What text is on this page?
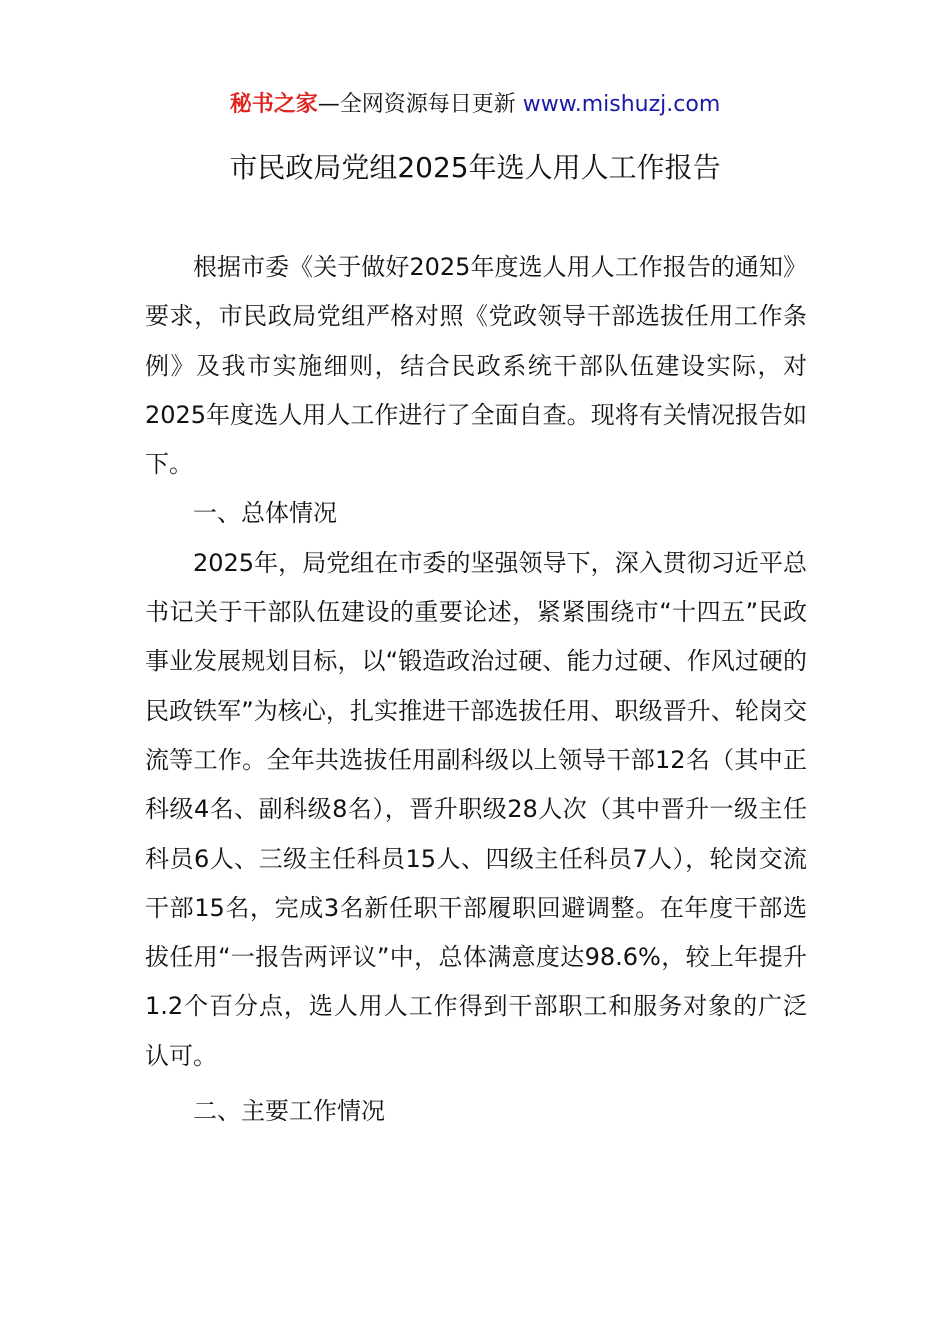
秘书之家—全网资源每日更新 www.mishuzj.com
市民政局党组2025年选人用人工作报告

根据市委《关于做好2025年度选人用人工作报告的通知》要求，市民政局党组严格对照《党政领导干部选拔任用工作条例》及我市实施细则，结合民政系统干部队伍建设实际，对2025年度选人用人工作进行了全面自查。现将有关情况报告如下。

一、总体情况

2025年，局党组在市委的坚强领导下，深入贯彻习近平总书记关于干部队伍建设的重要论述，紧紧围绕市“十四五”民政事业发展规划目标，以“锻造政治过硬、能力过硬、作风过硬的民政铁军”为核心，扎实推进干部选拔任用、职级晋升、轮岗交流等工作。全年共选拔任用副科级以上领导干部12名（其中正科级4名、副科级8名），晋升职级28人次（其中晋升一级主任科员6人、三级主任科员15人、四级主任科员7人），轮岗交流干部15名，完成3名新任职干部履职回避调整。在年度干部选拔任用“一报告两评议”中，总体满意度达98.6%，较上年提升1.2个百分点，选人用人工作得到干部职工和服务对象的广泛认可。

二、主要工作情况
